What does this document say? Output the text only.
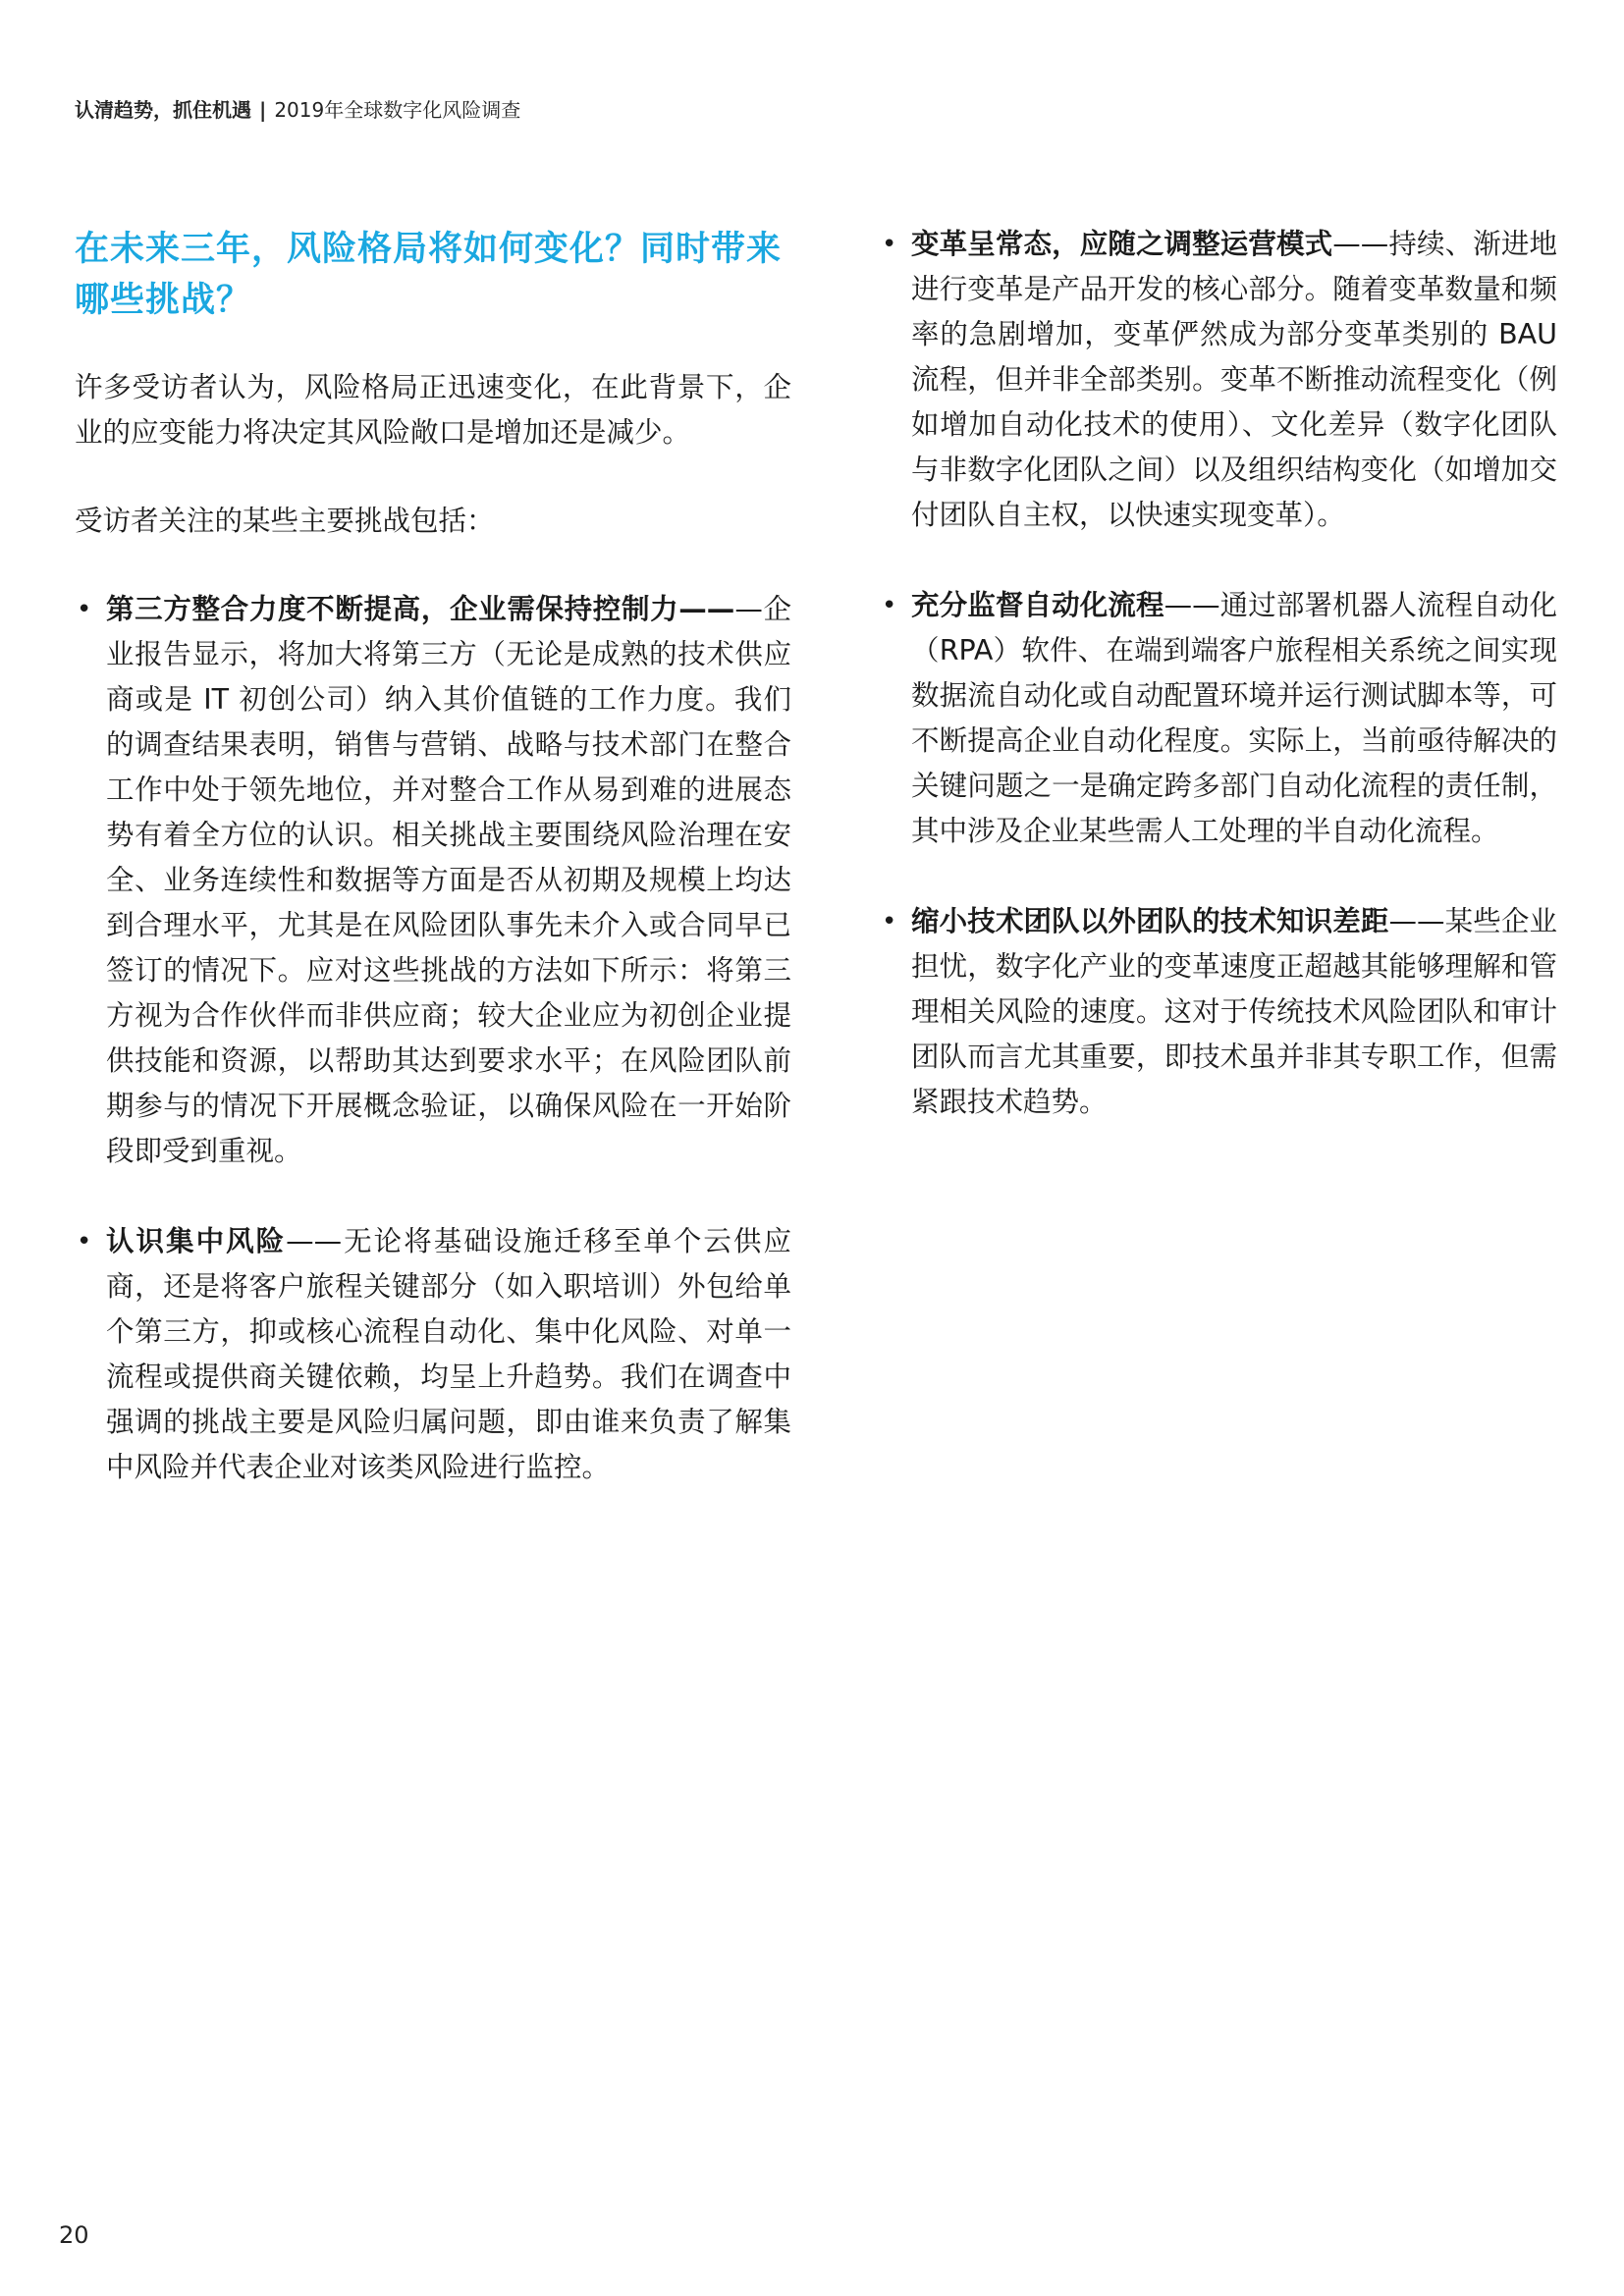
认清趋势，抓住机遇 | 2019年全球数字化风险调查
在未来三年，风险格局将如何变化？同时带来哪些挑战？

许多受访者认为，风险格局正迅速变化，在此背景下，企业的应变能力将决定其风险敞口是增加还是减少。

受访者关注的某些主要挑战包括：

• 第三方整合力度不断提高，企业需保持控制力———企业报告显示，将加大将第三方（无论是成熟的技术供应商或是 IT 初创公司）纳入其价值链的工作力度。我们的调查结果表明，销售与营销、战略与技术部门在整合工作中处于领先地位，并对整合工作从易到难的进展态势有着全方位的认识。相关挑战主要围绕风险治理在安全、业务连续性和数据等方面是否从初期及规模上均达到合理水平，尤其是在风险团队事先未介入或合同早已签订的情况下。应对这些挑战的方法如下所示：将第三方视为合作伙伴而非供应商；较大企业应为初创企业提供技能和资源，以帮助其达到要求水平；在风险团队前期参与的情况下开展概念验证，以确保风险在一开始阶段即受到重视。
• 认识集中风险——无论将基础设施迁移至单个云供应商，还是将客户旅程关键部分（如入职培训）外包给单个第三方，抑或核心流程自动化、集中化风险、对单一流程或提供商关键依赖，均呈上升趋势。我们在调查中强调的挑战主要是风险归属问题，即由谁来负责了解集中风险并代表企业对该类风险进行监控。
• 变革呈常态，应随之调整运营模式——持续、渐进地进行变革是产品开发的核心部分。随着变革数量和频率的急剧增加，变革俨然成为部分变革类别的 BAU 流程，但并非全部类别。变革不断推动流程变化（例如增加自动化技术的使用）、文化差异（数字化团队与非数字化团队之间）以及组织结构变化（如增加交付团队自主权，以快速实现变革）。
• 充分监督自动化流程——通过部署机器人流程自动化（RPA）软件、在端到端客户旅程相关系统之间实现数据流自动化或自动配置环境并运行测试脚本等，可不断提高企业自动化程度。实际上，当前亟待解决的关键问题之一是确定跨多部门自动化流程的责任制，其中涉及企业某些需人工处理的半自动化流程。
• 缩小技术团队以外团队的技术知识差距——某些企业担忧，数字化产业的变革速度正超越其能够理解和管理相关风险的速度。这对于传统技术风险团队和审计团队而言尤其重要，即技术虽并非其专职工作，但需紧跟技术趋势。
20
